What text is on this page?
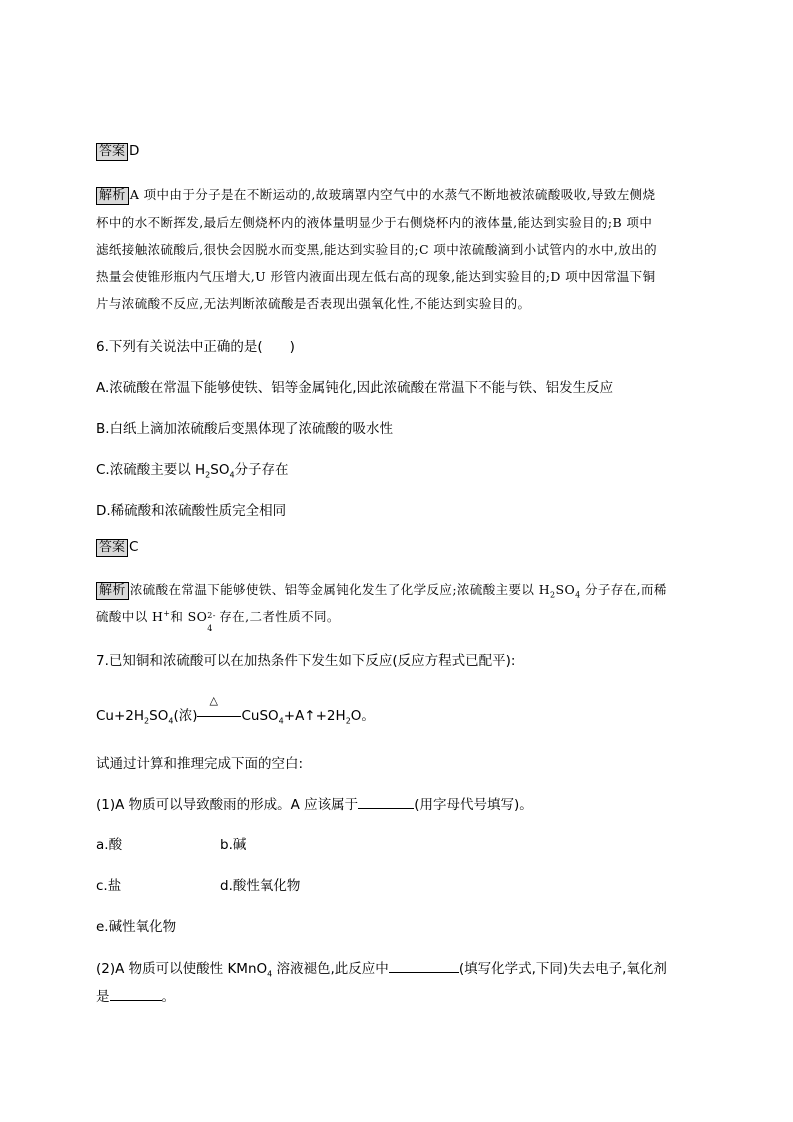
答案 D
解析 A 项中由于分子是在不断运动的,故玻璃罩内空气中的水蒸气不断地被浓硫酸吸收,导致左侧烧
杯中的水不断挥发,最后左侧烧杯内的液体量明显少于右侧烧杯内的液体量,能达到实验目的;B 项中
滤纸接触浓硫酸后,很快会因脱水而变黑,能达到实验目的;C 项中浓硫酸滴到小试管内的水中,放出的
热量会使锥形瓶内气压增大,U 形管内液面出现左低右高的现象,能达到实验目的;D 项中因常温下铜
片与浓硫酸不反应,无法判断浓硫酸是否表现出强氧化性,不能达到实验目的。
6.下列有关说法中正确的是(　　)
A.浓硫酸在常温下能够使铁、铝等金属钝化,因此浓硫酸在常温下不能与铁、铝发生反应
B.白纸上滴加浓硫酸后变黑体现了浓硫酸的吸水性
C.浓硫酸主要以 $H_2SO_4$分子存在
D.稀硫酸和浓硫酸性质完全相同
答案 C
解析 浓硫酸在常温下能够使铁、铝等金属钝化发生了化学反应;浓硫酸主要以 $H_2SO_4$ 分子存在,而稀
硫酸中以 H+和 SO 2-
4
存在,二者性质不同。
7.已知铜和浓硫酸可以在加热条件下发生如下反应(反应方程式已配平):
$Cu+2H_2SO_4$(浓)
△
$CuSO_4+A↑+2H_2O$。
试通过计算和推理完成下面的空白:
(1)A 物质可以导致酸雨的形成。A 应该属于	(用字母代号填写)。
a.酸	b.碱
c.盐	d.酸性氧化物
e.碱性氧化物
(2)A 物质可以使酸性 KMnO$_4$ 溶液褪色,此反应中	(填写化学式,下同)失去电子,氧化剂
是	。
